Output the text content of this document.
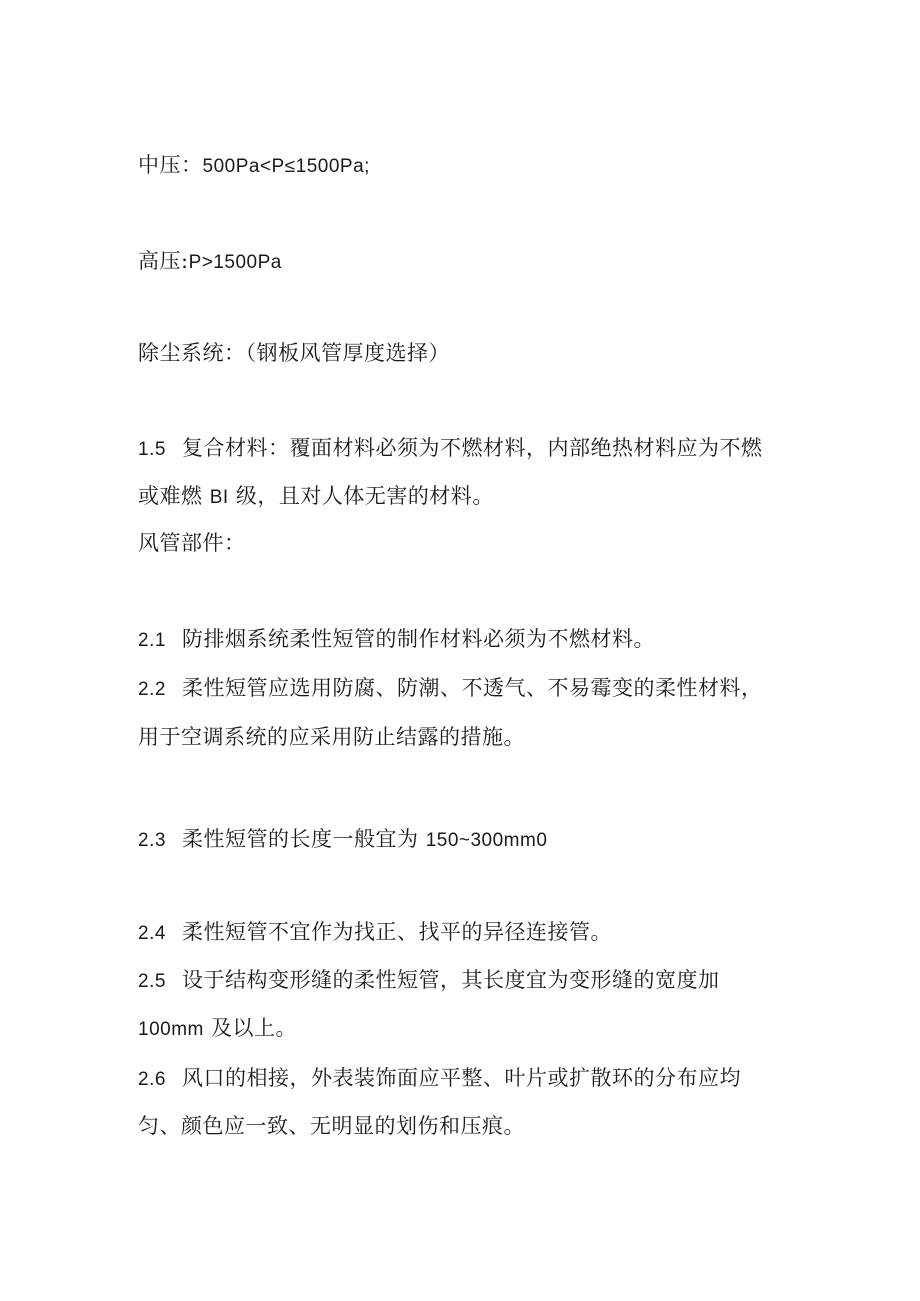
中压：500Pa<P≤1500Pa;
高压:P>1500Pa
除尘系统：（钢板风管厚度选择）
1.5 复合材料：覆面材料必须为不燃材料，内部绝热材料应为不燃
或难燃 BI 级，且对人体无害的材料。
风管部件：
2.1 防排烟系统柔性短管的制作材料必须为不燃材料。
2.2 柔性短管应选用防腐、防潮、不透气、不易霉变的柔性材料，
用于空调系统的应采用防止结露的措施。
2.3 柔性短管的长度一般宜为 150~300mm0
2.4 柔性短管不宜作为找正、找平的异径连接管。
2.5 设于结构变形缝的柔性短管，其长度宜为变形缝的宽度加
100mm 及以上。
2.6 风口的相接，外表装饰面应平整、叶片或扩散环的分布应均
匀、颜色应一致、无明显的划伤和压痕。
